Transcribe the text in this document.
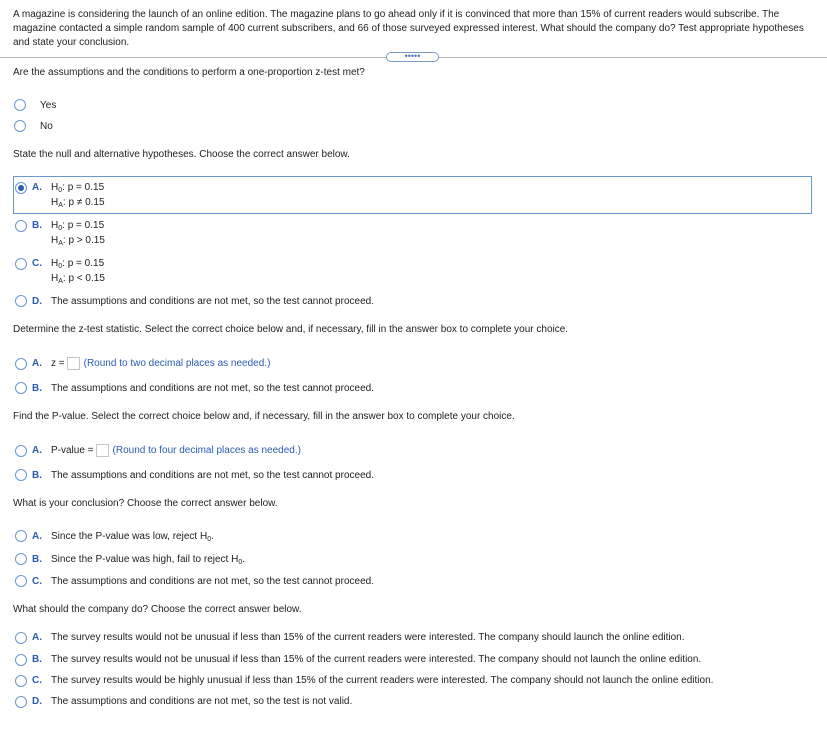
A magazine is considering the launch of an online edition. The magazine plans to go ahead only if it is convinced that more than 15% of current readers would subscribe. The magazine contacted a simple random sample of 400 current subscribers, and 66 of those surveyed expressed interest. What should the company do? Test appropriate hypotheses and state your conclusion.
•••••
Are the assumptions and the conditions to perform a one-proportion z-test met?
Yes
No
State the null and alternative hypotheses. Choose the correct answer below.
A. $H_0$: p = 0.15
$H_A$: p ≠ 0.15
B. $H_0$: p = 0.15
$H_A$: p > 0.15
C. $H_0$: p = 0.15
$H_A$: p < 0.15
D. The assumptions and conditions are not met, so the test cannot proceed.
Determine the z-test statistic. Select the correct choice below and, if necessary, fill in the answer box to complete your choice.
A. z = (Round to two decimal places as needed.)
B. The assumptions and conditions are not met, so the test cannot proceed.
Find the P-value. Select the correct choice below and, if necessary, fill in the answer box to complete your choice.
A. P-value = (Round to four decimal places as needed.)
B. The assumptions and conditions are not met, so the test cannot proceed.
What is your conclusion? Choose the correct answer below.
A. Since the P-value was low, reject $H_0$.
B. Since the P-value was high, fail to reject $H_0$.
C. The assumptions and conditions are not met, so the test cannot proceed.
What should the company do? Choose the correct answer below.
A. The survey results would not be unusual if less than 15% of the current readers were interested. The company should launch the online edition.
B. The survey results would not be unusual if less than 15% of the current readers were interested. The company should not launch the online edition.
C. The survey results would be highly unusual if less than 15% of the current readers were interested. The company should not launch the online edition.
D. The assumptions and conditions are not met, so the test is not valid.
